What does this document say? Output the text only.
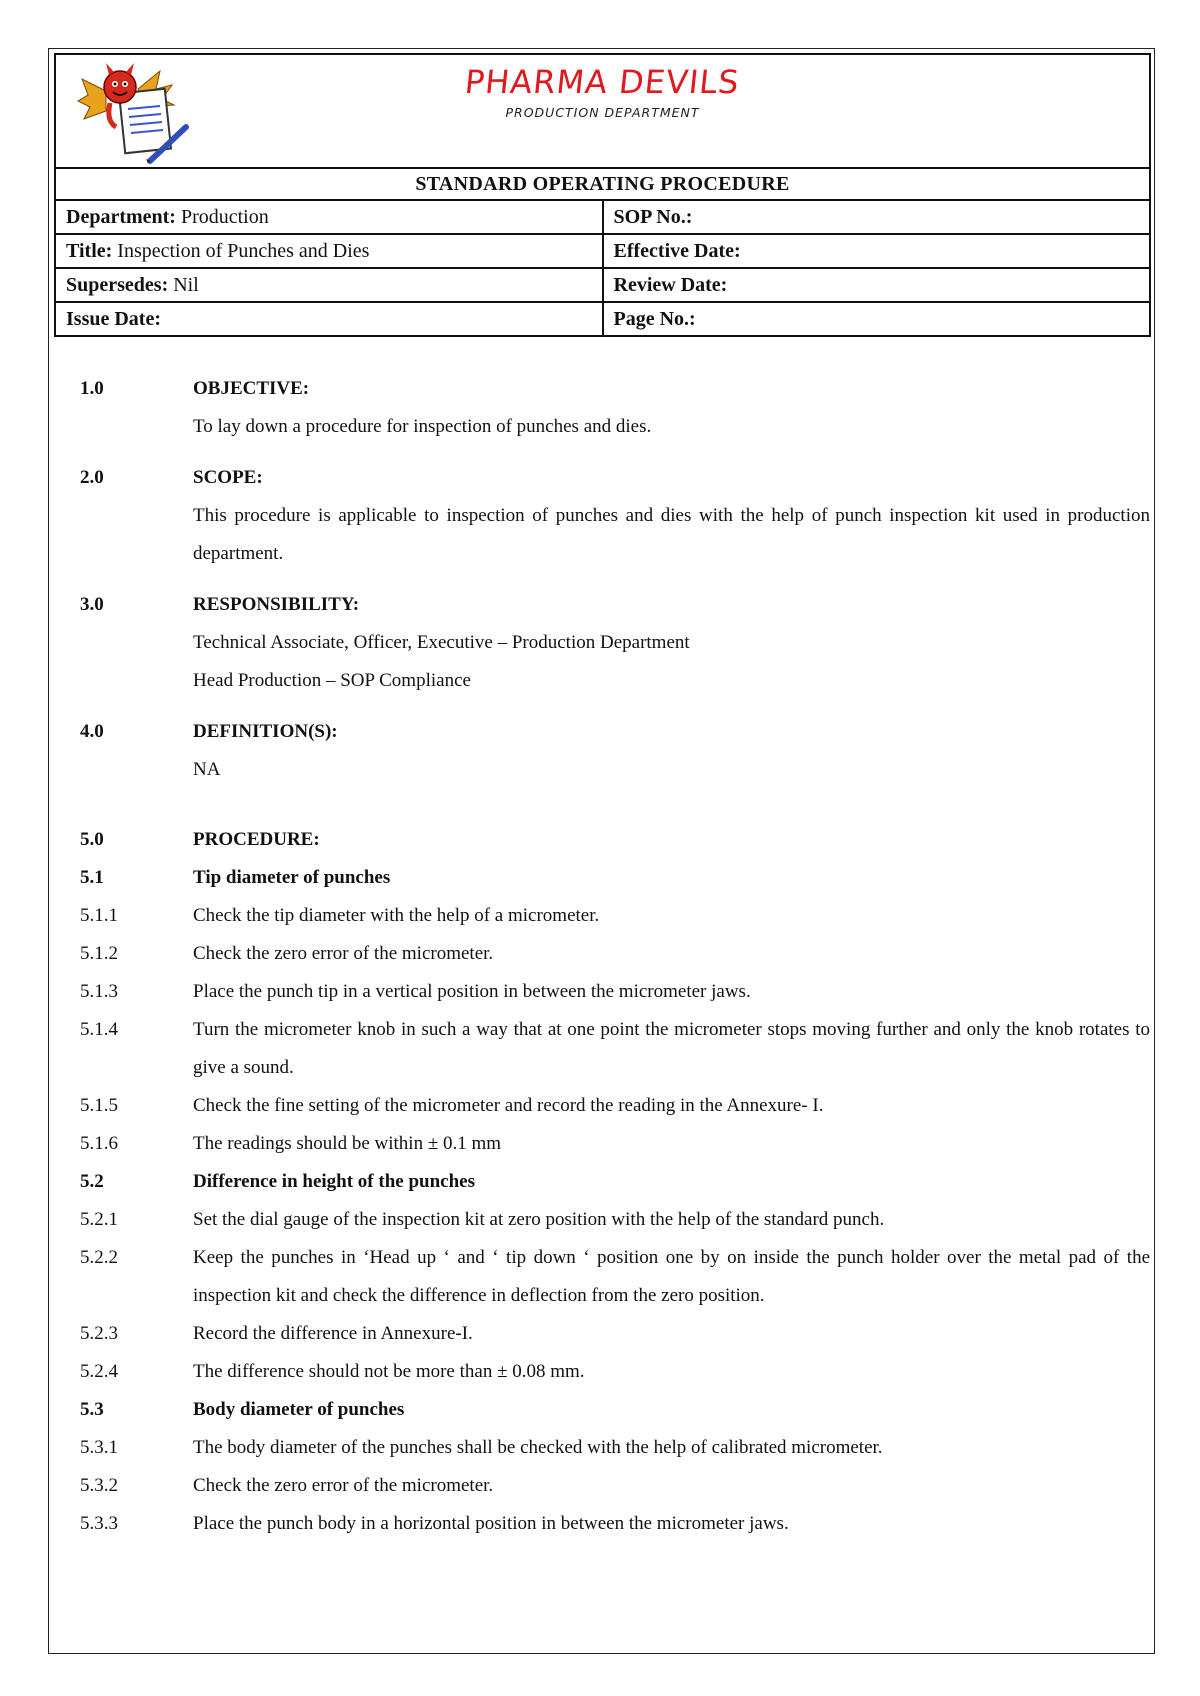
PHARMA DEVILS
PRODUCTION DEPARTMENT	

STANDARD OPERATING PROCEDURE	
Department: Production	SOP No.:
Title: Inspection of Punches and Dies	Effective Date:
Supersedes: Nil	Review Date:
Issue Date:	Page No.:
1.0	OBJECTIVE:
To lay down a procedure for inspection of punches and dies.
2.0	SCOPE:
This procedure is applicable to inspection of punches and dies with the help of punch inspection kit used in production department.
3.0	RESPONSIBILITY:
Technical Associate, Officer, Executive – Production Department
Head Production – SOP Compliance
4.0	DEFINITION(S):
NA
5.0	PROCEDURE:
5.1	Tip diameter of punches
5.1.1	Check the tip diameter with the help of a micrometer.
5.1.2	Check the zero error of the micrometer.
5.1.3	Place the punch tip in a vertical position in between the micrometer jaws.
5.1.4	Turn the micrometer knob in such a way that at one point the micrometer stops moving further and only the knob rotates to give a sound.
5.1.5	Check the fine setting of the micrometer and record the reading in the Annexure- I.
5.1.6	The readings should be within ± 0.1 mm
5.2	Difference in height of the punches
5.2.1	Set the dial gauge of the inspection kit at zero position with the help of the standard punch.
5.2.2	Keep the punches in ‘Head up ‘ and ‘ tip down ‘ position one by on inside the punch holder over the metal pad of the inspection kit and check the difference in deflection from the zero position.
5.2.3	Record the difference in Annexure-I.
5.2.4	The difference should not be more than ± 0.08 mm.
5.3	Body diameter of punches
5.3.1	The body diameter of the punches shall be checked with the help of calibrated micrometer.
5.3.2	Check the zero error of the micrometer.
5.3.3	Place the punch body in a horizontal position in between the micrometer jaws.
